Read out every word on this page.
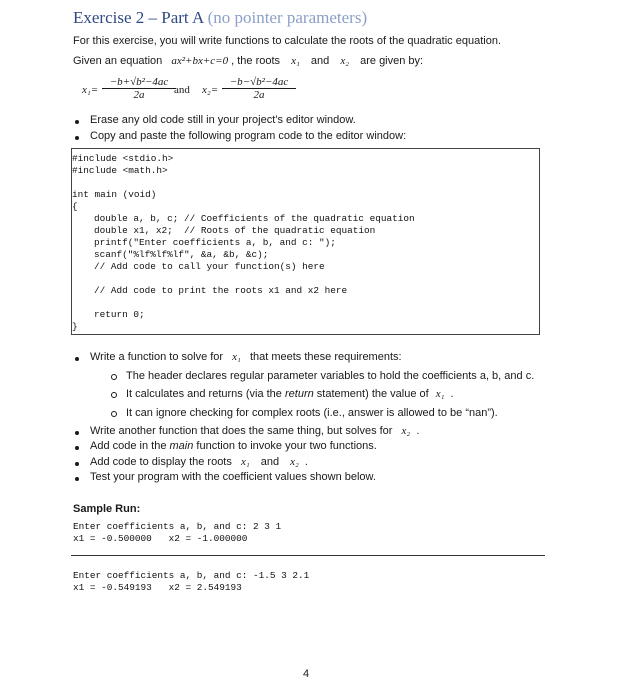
Exercise 2 – Part A (no pointer parameters)
For this exercise, you will write functions to calculate the roots of the quadratic equation.
Given an equation ax²+bx+c=0 , the roots x₁ and x₂ are given by:
$x_1= \frac{\text{−b+√b²−4ac}}{2a}$
and $x_2= \frac{\text{−b−√b²−4ac}}{2a}$
Erase any old code still in your project’s editor window.
Copy and paste the following program code to the editor window:
#include <stdio.h>
#include <math.h>
int main (void)
{
double a, b, c; // Coefficients of the quadratic equation
double x1, x2;  // Roots of the quadratic equation
printf("Enter coefficients a, b, and c: ");
scanf("%lf%lf%lf", &a, &b, &c);
// Add code to call your function(s) here
// Add code to print the roots x1 and x2 here
return 0;
}
Write a function to solve for x₁ that meets these requirements:
The header declares regular parameter variables to hold the coefficients a, b, and c.
It calculates and returns (via the return statement) the value of x₁ .
It can ignore checking for complex roots (i.e., answer is allowed to be “nan”).
Write another function that does the same thing, but solves for x₂ .
Add code in the main function to invoke your two functions.
Add code to display the roots x₁ and x₂ .
Test your program with the coefficient values shown below.
Sample Run:
Enter coefficients a, b, and c: 2 3 1
x1 = -0.500000   x2 = -1.000000
Enter coefficients a, b, and c: -1.5 3 2.1
x1 = -0.549193   x2 = 2.549193
4
